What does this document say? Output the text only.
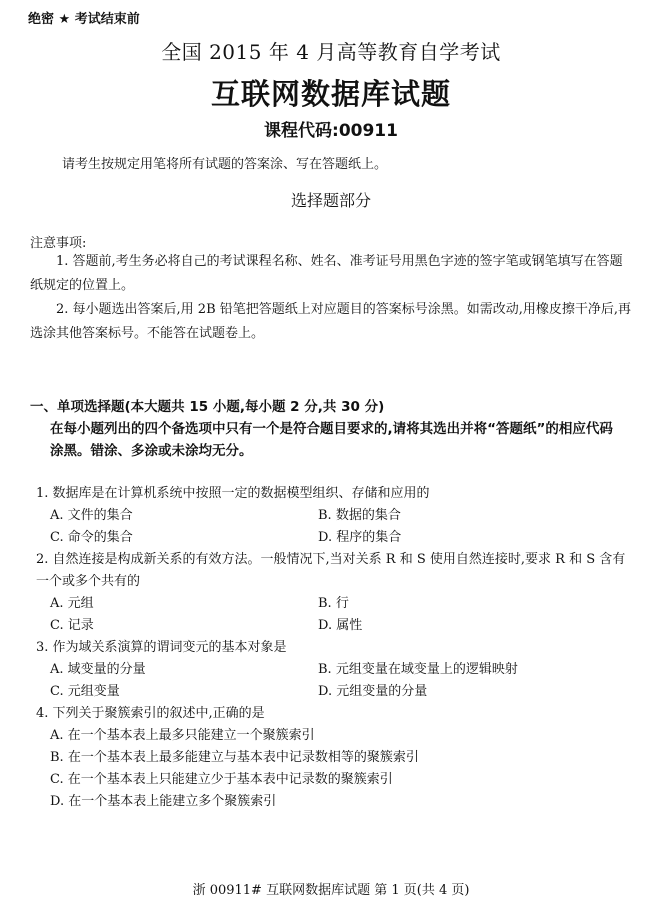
绝密 ★ 考试结束前
全国 2015 年 4 月高等教育自学考试
互联网数据库试题
课程代码:00911
请考生按规定用笔将所有试题的答案涂、写在答题纸上。
选择题部分
注意事项:
1. 答题前,考生务必将自己的考试课程名称、姓名、准考证号用黑色字迹的签字笔或钢笔填写在答题纸规定的位置上。
2. 每小题选出答案后,用 2B 铅笔把答题纸上对应题目的答案标号涂黑。如需改动,用橡皮擦干净后,再选涂其他答案标号。不能答在试题卷上。
一、单项选择题(本大题共 15 小题,每小题 2 分,共 30 分)
在每小题列出的四个备选项中只有一个是符合题目要求的,请将其选出并将“答题纸”的相应代码涂黑。错涂、多涂或未涂均无分。
1. 数据库是在计算机系统中按照一定的数据模型组织、存储和应用的
A. 文件的集合	B. 数据的集合
C. 命令的集合	D. 程序的集合
2. 自然连接是构成新关系的有效方法。一般情况下,当对关系 R 和 S 使用自然连接时,要求 R 和 S 含有一个或多个共有的
A. 元组	B. 行
C. 记录	D. 属性
3. 作为域关系演算的谓词变元的基本对象是
A. 域变量的分量	B. 元组变量在域变量上的逻辑映射
C. 元组变量	D. 元组变量的分量
4. 下列关于聚簇索引的叙述中,正确的是
A. 在一个基本表上最多只能建立一个聚簇索引
B. 在一个基本表上最多能建立与基本表中记录数相等的聚簇索引
C. 在一个基本表上只能建立少于基本表中记录数的聚簇索引
D. 在一个基本表上能建立多个聚簇索引
浙 00911# 互联网数据库试题 第 1 页(共 4 页)
